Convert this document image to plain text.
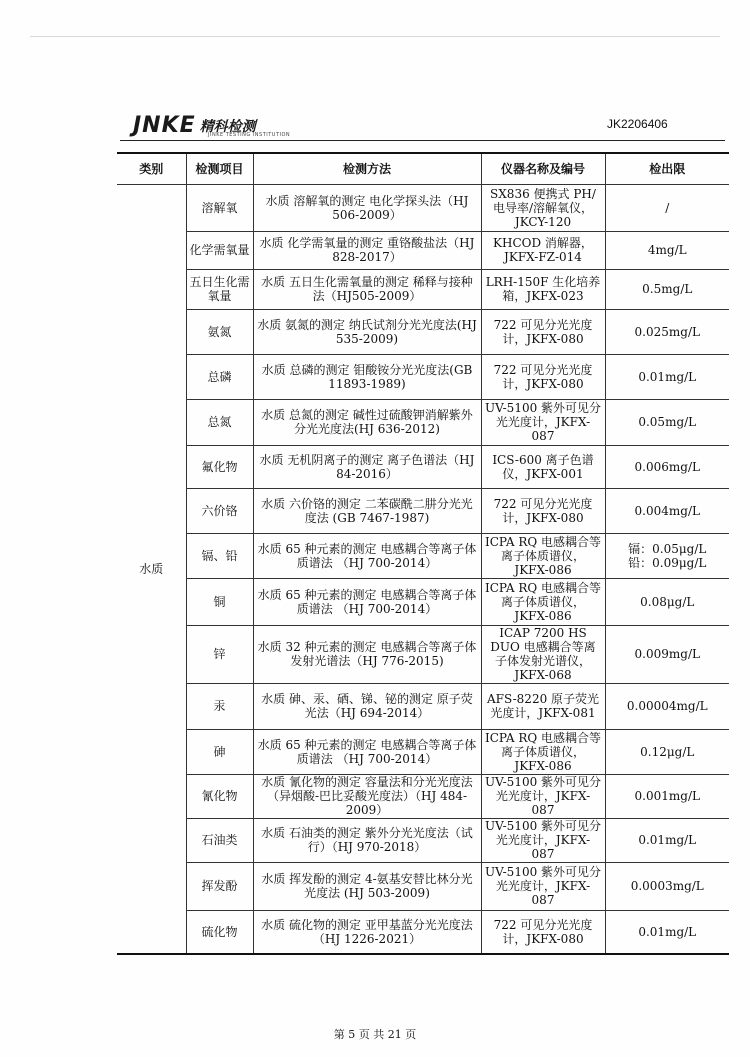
JNKE 精科检测
JINKE TESTING INSTITUTION
JK2206406
类别	检测项目	检测方法	仪器名称及编号	检出限
水质	溶解氧	水质 溶解氧的测定 电化学探头法（HJ 506-2009）	SX836 便携式 PH/电导率/溶解氧仪，JKCY-120	/
	化学需氧量	水质 化学需氧量的测定 重铬酸盐法（HJ 828-2017）	KHCOD 消解器，JKFX-FZ-014	4mg/L
	五日生化需氧量	水质 五日生化需氧量的测定 稀释与接种法（HJ505-2009）	LRH-150F 生化培养箱，JKFX-023	0.5mg/L
	氨氮	水质 氨氮的测定 纳氏试剂分光光度法(HJ 535-2009)	722 可见分光光度计，JKFX-080	0.025mg/L
	总磷	水质 总磷的测定 钼酸铵分光光度法(GB 11893-1989)	722 可见分光光度计，JKFX-080	0.01mg/L
	总氮	水质 总氮的测定 碱性过硫酸钾消解紫外分光光度法(HJ 636-2012)	UV-5100 紫外可见分光光度计，JKFX-087	0.05mg/L
	氟化物	水质 无机阴离子的测定 离子色谱法（HJ 84-2016）	ICS-600 离子色谱仪，JKFX-001	0.006mg/L
	六价铬	水质 六价铬的测定 二苯碳酰二肼分光光度法 (GB 7467-1987)	722 可见分光光度计，JKFX-080	0.004mg/L
	镉、铅	水质 65 种元素的测定 电感耦合等离子体质谱法 （HJ 700-2014）	ICPA RQ 电感耦合等离子体质谱仪，JKFX-086	镉：0.05μg/L
铅：0.09μg/L
	铜	水质 65 种元素的测定 电感耦合等离子体质谱法 （HJ 700-2014）	ICPA RQ 电感耦合等离子体质谱仪，JKFX-086	0.08μg/L
	锌	水质 32 种元素的测定 电感耦合等离子体发射光谱法（HJ 776-2015)	ICAP 7200 HS DUO 电感耦合等离子体发射光谱仪，JKFX-068	0.009mg/L
	汞	水质 砷、汞、硒、锑、铋的测定 原子荧光法（HJ 694-2014）	AFS-8220 原子荧光光度计，JKFX-081	0.00004mg/L
	砷	水质 65 种元素的测定 电感耦合等离子体质谱法 （HJ 700-2014）	ICPA RQ 电感耦合等离子体质谱仪，JKFX-086	0.12μg/L
	氰化物	水质 氰化物的测定 容量法和分光光度法（异烟酸-巴比妥酸光度法）（HJ 484-2009）	UV-5100 紫外可见分光光度计，JKFX-087	0.001mg/L
	石油类	水质 石油类的测定 紫外分光光度法（试行）（HJ 970-2018）	UV-5100 紫外可见分光光度计，JKFX-087	0.01mg/L
	挥发酚	水质 挥发酚的测定 4-氨基安替比林分光光度法 (HJ 503-2009)	UV-5100 紫外可见分光光度计，JKFX-087	0.0003mg/L
	硫化物	水质 硫化物的测定 亚甲基蓝分光光度法（HJ 1226-2021）	722 可见分光光度计，JKFX-080	0.01mg/L
第 5 页 共 21 页
